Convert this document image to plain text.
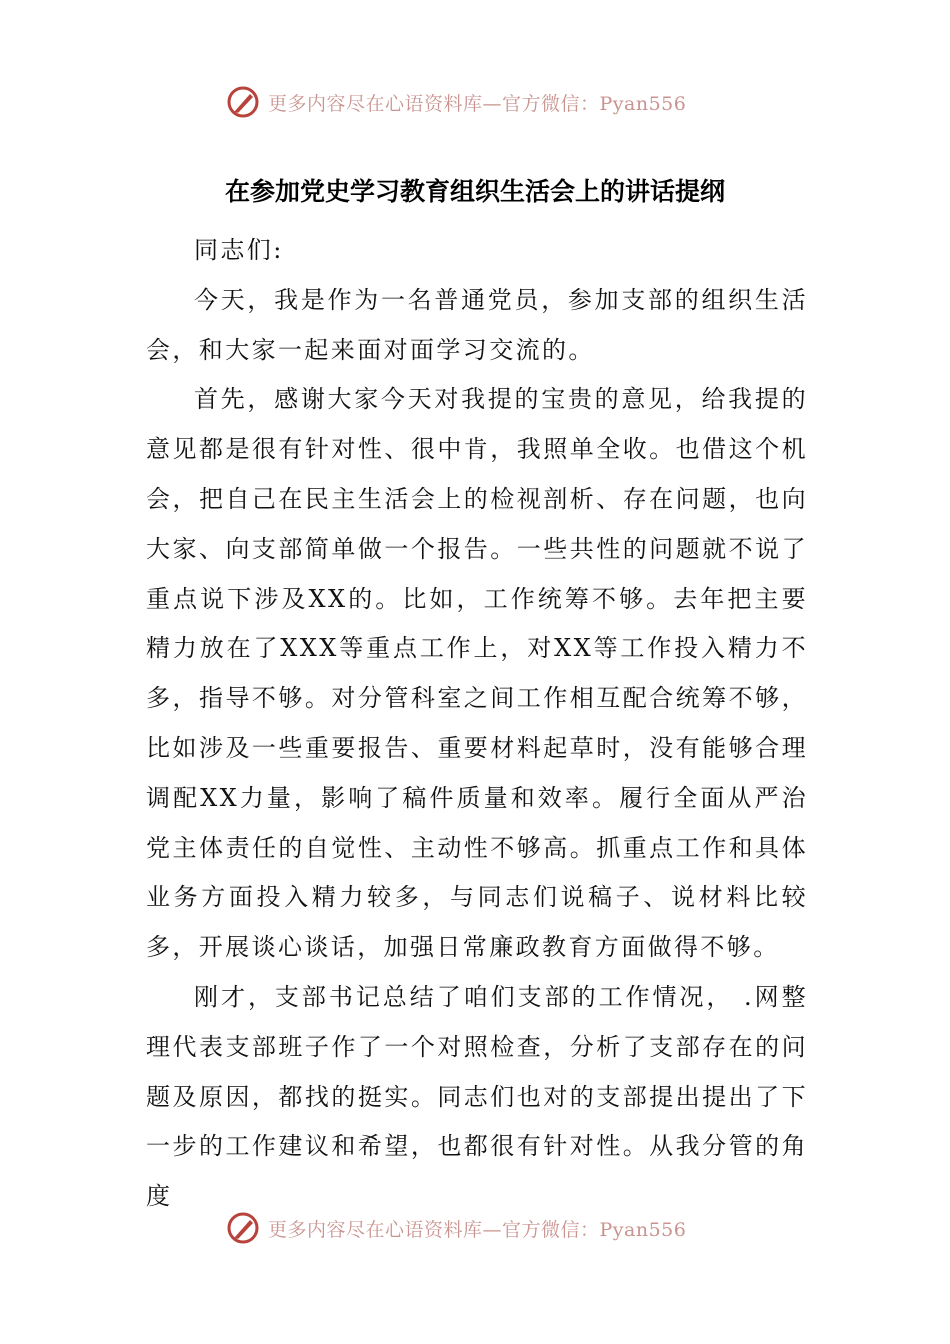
更多内容尽在心语资料库—官方微信：Pyan556
在参加党史学习教育组织生活会上的讲话提纲

同志们:

今天，我是作为一名普通党员，参加支部的组织生活会，和大家一起来面对面学习交流的。

首先，感谢大家今天对我提的宝贵的意见，给我提的意见都是很有针对性、很中肯，我照单全收。也借这个机会，把自己在民主生活会上的检视剖析、存在问题，也向大家、向支部简单做一个报告。一些共性的问题就不说了重点说下涉及XX的。比如，工作统筹不够。去年把主要精力放在了XXX等重点工作上，对XX等工作投入精力不多，指导不够。对分管科室之间工作相互配合统筹不够，比如涉及一些重要报告、重要材料起草时，没有能够合理调配XX力量，影响了稿件质量和效率。履行全面从严治党主体责任的自觉性、主动性不够高。抓重点工作和具体业务方面投入精力较多，与同志们说稿子、说材料比较多，开展谈心谈话，加强日常廉政教育方面做得不够。

刚才，支部书记总结了咱们支部的工作情况， .网整理代表支部班子作了一个对照检查，分析了支部存在的问题及原因，都找的挺实。同志们也对的支部提出提出了下一步的工作建议和希望，也都很有针对性。从我分管的角度

更多内容尽在心语资料库—官方微信：Pyan556
